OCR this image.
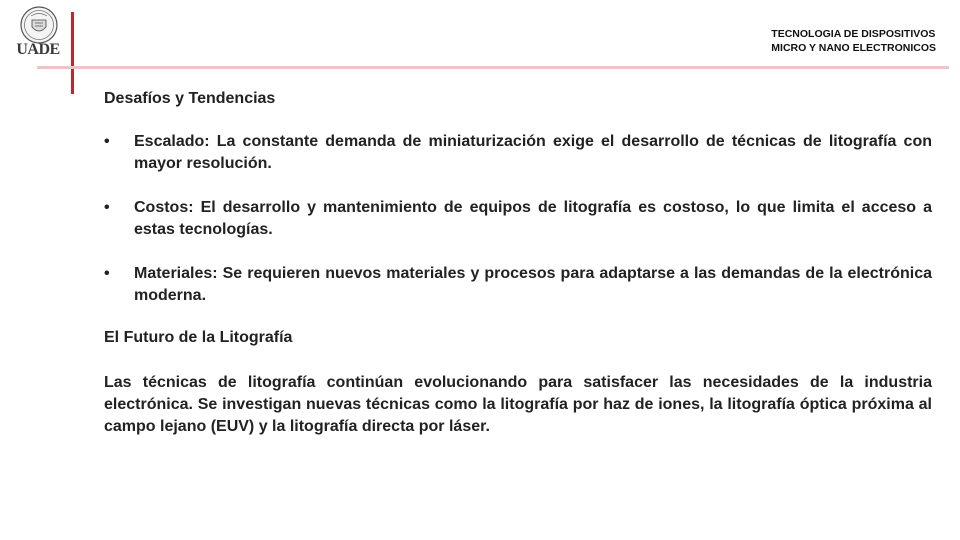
UADE
TECNOLOGIA DE DISPOSITIVOS
MICRO Y NANO ELECTRONICOS

Desafíos y Tendencias

• Escalado: La constante demanda de miniaturización exige el desarrollo de técnicas de litografía con mayor resolución.
• Costos: El desarrollo y mantenimiento de equipos de litografía es costoso, lo que limita el acceso a estas tecnologías.
• Materiales: Se requieren nuevos materiales y procesos para adaptarse a las demandas de la electrónica moderna.

El Futuro de la Litografía

Las técnicas de litografía continúan evolucionando para satisfacer las necesidades de la industria electrónica. Se investigan nuevas técnicas como la litografía por haz de iones, la litografía óptica próxima al campo lejano (EUV) y la litografía directa por láser.
